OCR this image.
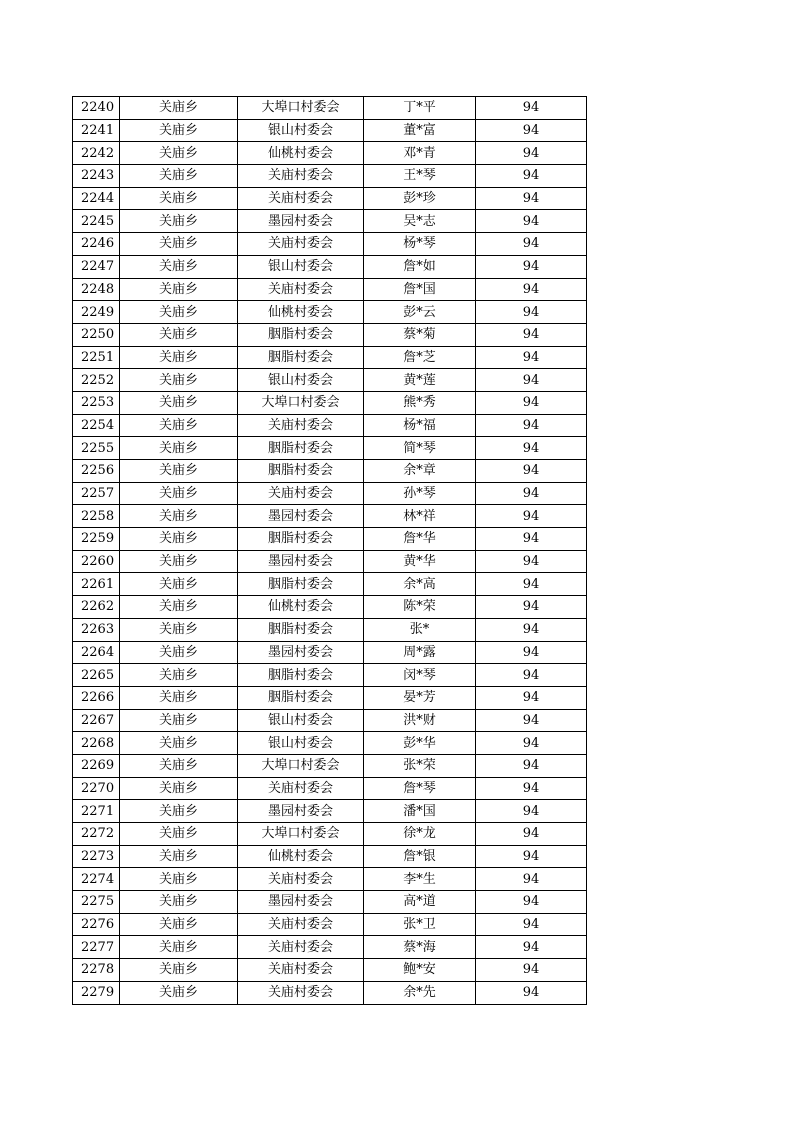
2240	关庙乡	大埠口村委会	丁*平	94
2241	关庙乡	银山村委会	董*富	94
2242	关庙乡	仙桃村委会	邓*青	94
2243	关庙乡	关庙村委会	王*琴	94
2244	关庙乡	关庙村委会	彭*珍	94
2245	关庙乡	墨园村委会	吴*志	94
2246	关庙乡	关庙村委会	杨*琴	94
2247	关庙乡	银山村委会	詹*如	94
2248	关庙乡	关庙村委会	詹*国	94
2249	关庙乡	仙桃村委会	彭*云	94
2250	关庙乡	胭脂村委会	蔡*菊	94
2251	关庙乡	胭脂村委会	詹*芝	94
2252	关庙乡	银山村委会	黄*莲	94
2253	关庙乡	大埠口村委会	熊*秀	94
2254	关庙乡	关庙村委会	杨*福	94
2255	关庙乡	胭脂村委会	简*琴	94
2256	关庙乡	胭脂村委会	余*章	94
2257	关庙乡	关庙村委会	孙*琴	94
2258	关庙乡	墨园村委会	林*祥	94
2259	关庙乡	胭脂村委会	詹*华	94
2260	关庙乡	墨园村委会	黄*华	94
2261	关庙乡	胭脂村委会	余*高	94
2262	关庙乡	仙桃村委会	陈*荣	94
2263	关庙乡	胭脂村委会	张*	94
2264	关庙乡	墨园村委会	周*露	94
2265	关庙乡	胭脂村委会	闵*琴	94
2266	关庙乡	胭脂村委会	晏*芳	94
2267	关庙乡	银山村委会	洪*财	94
2268	关庙乡	银山村委会	彭*华	94
2269	关庙乡	大埠口村委会	张*荣	94
2270	关庙乡	关庙村委会	詹*琴	94
2271	关庙乡	墨园村委会	潘*国	94
2272	关庙乡	大埠口村委会	徐*龙	94
2273	关庙乡	仙桃村委会	詹*银	94
2274	关庙乡	关庙村委会	李*生	94
2275	关庙乡	墨园村委会	高*道	94
2276	关庙乡	关庙村委会	张*卫	94
2277	关庙乡	关庙村委会	蔡*海	94
2278	关庙乡	关庙村委会	鲍*安	94
2279	关庙乡	关庙村委会	余*先	94
